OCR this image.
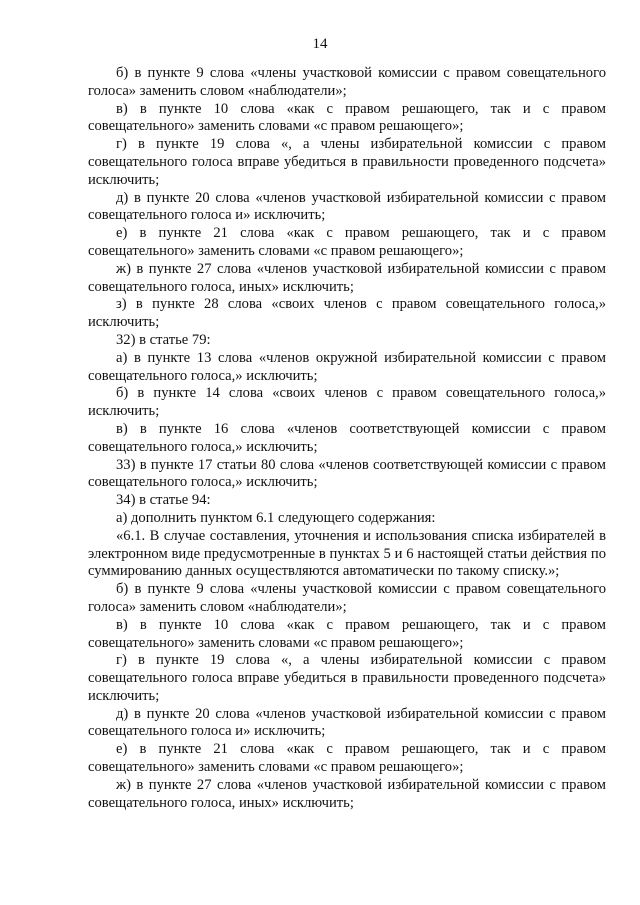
14

б) в пункте 9 слова «члены участковой комиссии с правом совещательного голоса» заменить словом «наблюдатели»;

в) в пункте 10 слова «как с правом решающего, так и с правом совещательного» заменить словами «с правом решающего»;

г) в пункте 19 слова «, а члены избирательной комиссии с правом совещательного голоса вправе убедиться в правильности проведенного подсчета» исключить;

д) в пункте 20 слова «членов участковой избирательной комиссии с правом совещательного голоса и» исключить;

е) в пункте 21 слова «как с правом решающего, так и с правом совещательного» заменить словами «с правом решающего»;

ж) в пункте 27 слова «членов участковой избирательной комиссии с правом совещательного голоса, иных» исключить;

з) в пункте 28 слова «своих членов с правом совещательного голоса,» исключить;

32) в статье 79:

а) в пункте 13 слова «членов окружной избирательной комиссии с правом совещательного голоса,» исключить;

б) в пункте 14 слова «своих членов с правом совещательного голоса,» исключить;

в) в пункте 16 слова «членов соответствующей комиссии с правом совещательного голоса,» исключить;

33) в пункте 17 статьи 80 слова «членов соответствующей комиссии с правом совещательного голоса,» исключить;

34) в статье 94:

а) дополнить пунктом 6.1 следующего содержания:

«6.1. В случае составления, уточнения и использования списка избирателей в электронном виде предусмотренные в пунктах 5 и 6 настоящей статьи действия по суммированию данных осуществляются автоматически по такому списку.»;

б) в пункте 9 слова «члены участковой комиссии с правом совещательного голоса» заменить словом «наблюдатели»;

в) в пункте 10 слова «как с правом решающего, так и с правом совещательного» заменить словами «с правом решающего»;

г) в пункте 19 слова «, а члены избирательной комиссии с правом совещательного голоса вправе убедиться в правильности проведенного подсчета» исключить;

д) в пункте 20 слова «членов участковой избирательной комиссии с правом совещательного голоса и» исключить;

е) в пункте 21 слова «как с правом решающего, так и с правом совещательного» заменить словами «с правом решающего»;

ж) в пункте 27 слова «членов участковой избирательной комиссии с правом совещательного голоса, иных» исключить;
